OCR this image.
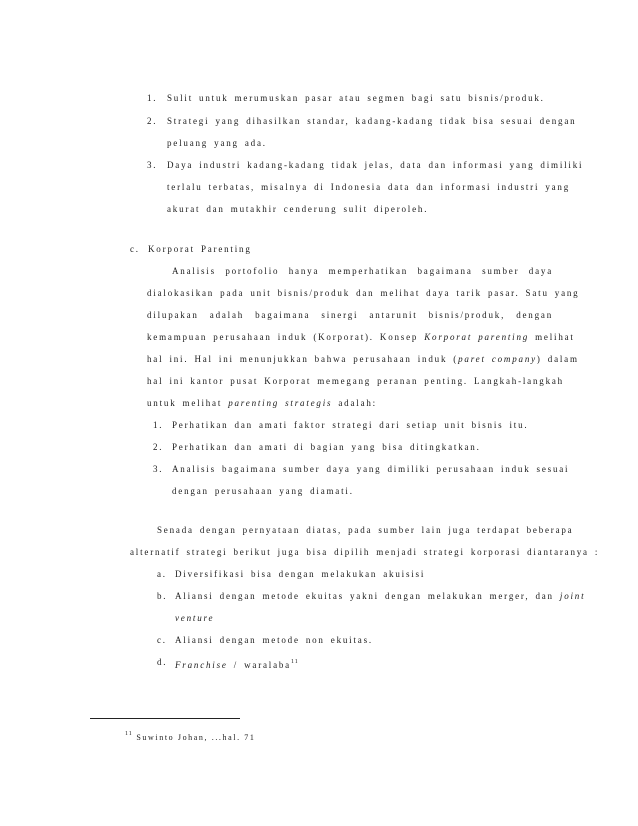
1. Sulit untuk merumuskan pasar atau segmen bagi satu bisnis/produk.
2. Strategi yang dihasilkan standar, kadang-kadang tidak bisa sesuai dengan
peluang yang ada.
3. Daya industri kadang-kadang tidak jelas, data dan informasi yang dimiliki
terlalu terbatas, misalnya di Indonesia data dan informasi industri yang
akurat dan mutakhir cenderung sulit diperoleh.
c. Korporat Parenting
Analisis portofolio hanya memperhatikan bagaimana sumber daya
dialokasikan pada unit bisnis/produk dan melihat daya tarik pasar. Satu yang
dilupakan adalah bagaimana sinergi antarunit bisnis/produk, dengan
kemampuan perusahaan induk (Korporat). Konsep Korporat parenting melihat
hal ini. Hal ini menunjukkan bahwa perusahaan induk (paret company) dalam
hal ini kantor pusat Korporat memegang peranan penting. Langkah-langkah
untuk melihat parenting strategis adalah:
1. Perhatikan dan amati faktor strategi dari setiap unit bisnis itu.
2. Perhatikan dan amati di bagian yang bisa ditingkatkan.
3. Analisis bagaimana sumber daya yang dimiliki perusahaan induk sesuai
dengan perusahaan yang diamati.
Senada dengan pernyataan diatas, pada sumber lain juga terdapat beberapa
alternatif strategi berikut juga bisa dipilih menjadi strategi korporasi diantaranya :
a. Diversifikasi bisa dengan melakukan akuisisi
b. Aliansi dengan metode ekuitas yakni dengan melakukan merger, dan joint
venture
c. Aliansi dengan metode non ekuitas.
d. Franchise / waralaba$^{11}$
$^{11}$ Suwinto Johan, ...hal. 71
